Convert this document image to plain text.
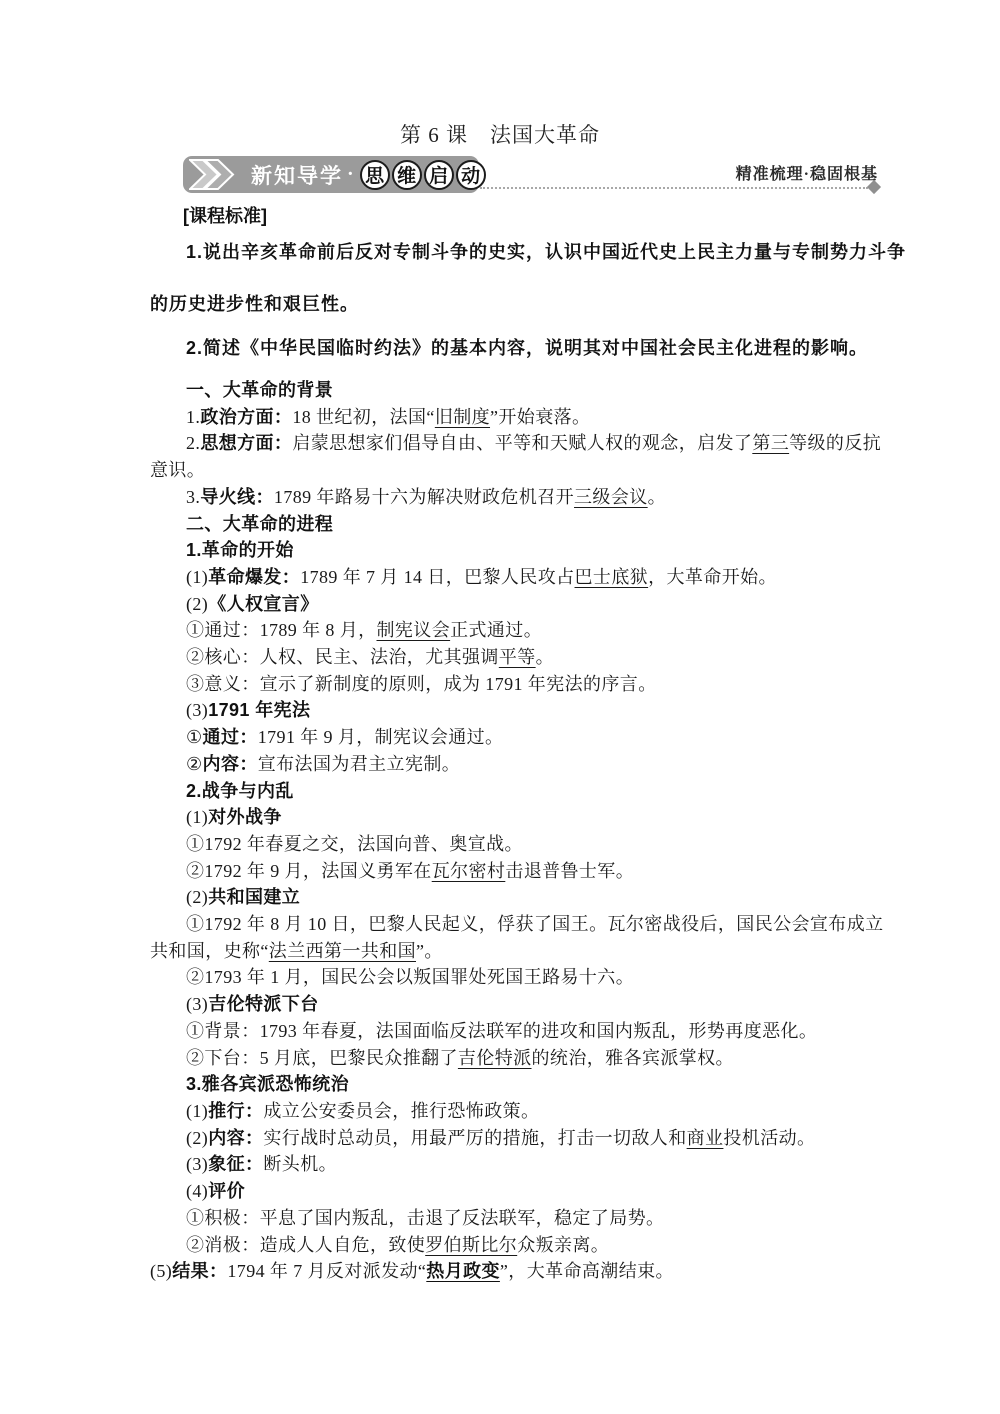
第 6 课　法国大革命
新知导学 · 思 维 启 动	精准梳理·稳固根基
[课程标准]
1.说出辛亥革命前后反对专制斗争的史实，认识中国近代史上民主力量与专制势力斗争
的历史进步性和艰巨性。
2.简述《中华民国临时约法》的基本内容，说明其对中国社会民主化进程的影响。
一、大革命的背景
1.政治方面：18 世纪初，法国“旧制度”开始衰落。
2.思想方面：启蒙思想家们倡导自由、平等和天赋人权的观念，启发了第三等级的反抗
意识。
3.导火线：1789 年路易十六为解决财政危机召开三级会议。
二、大革命的进程
1.革命的开始
(1)革命爆发：1789 年 7 月 14 日，巴黎人民攻占巴士底狱，大革命开始。
(2)《人权宣言》
①通过：1789 年 8 月，制宪议会正式通过。
②核心：人权、民主、法治，尤其强调平等。
③意义：宣示了新制度的原则，成为 1791 年宪法的序言。
(3)1791 年宪法
①通过：1791 年 9 月，制宪议会通过。
②内容：宣布法国为君主立宪制。
2.战争与内乱
(1)对外战争
①1792 年春夏之交，法国向普、奥宣战。
②1792 年 9 月，法国义勇军在瓦尔密村击退普鲁士军。
(2)共和国建立
①1792 年 8 月 10 日，巴黎人民起义，俘获了国王。瓦尔密战役后，国民公会宣布成立
共和国，史称“法兰西第一共和国”。
②1793 年 1 月，国民公会以叛国罪处死国王路易十六。
(3)吉伦特派下台
①背景：1793 年春夏，法国面临反法联军的进攻和国内叛乱，形势再度恶化。
②下台：5 月底，巴黎民众推翻了吉伦特派的统治，雅各宾派掌权。
3.雅各宾派恐怖统治
(1)推行：成立公安委员会，推行恐怖政策。
(2)内容：实行战时总动员，用最严厉的措施，打击一切敌人和商业投机活动。
(3)象征：断头机。
(4)评价
①积极：平息了国内叛乱，击退了反法联军，稳定了局势。
②消极：造成人人自危，致使罗伯斯比尔众叛亲离。
(5)结果：1794 年 7 月反对派发动“热月政变”，大革命高潮结束。
